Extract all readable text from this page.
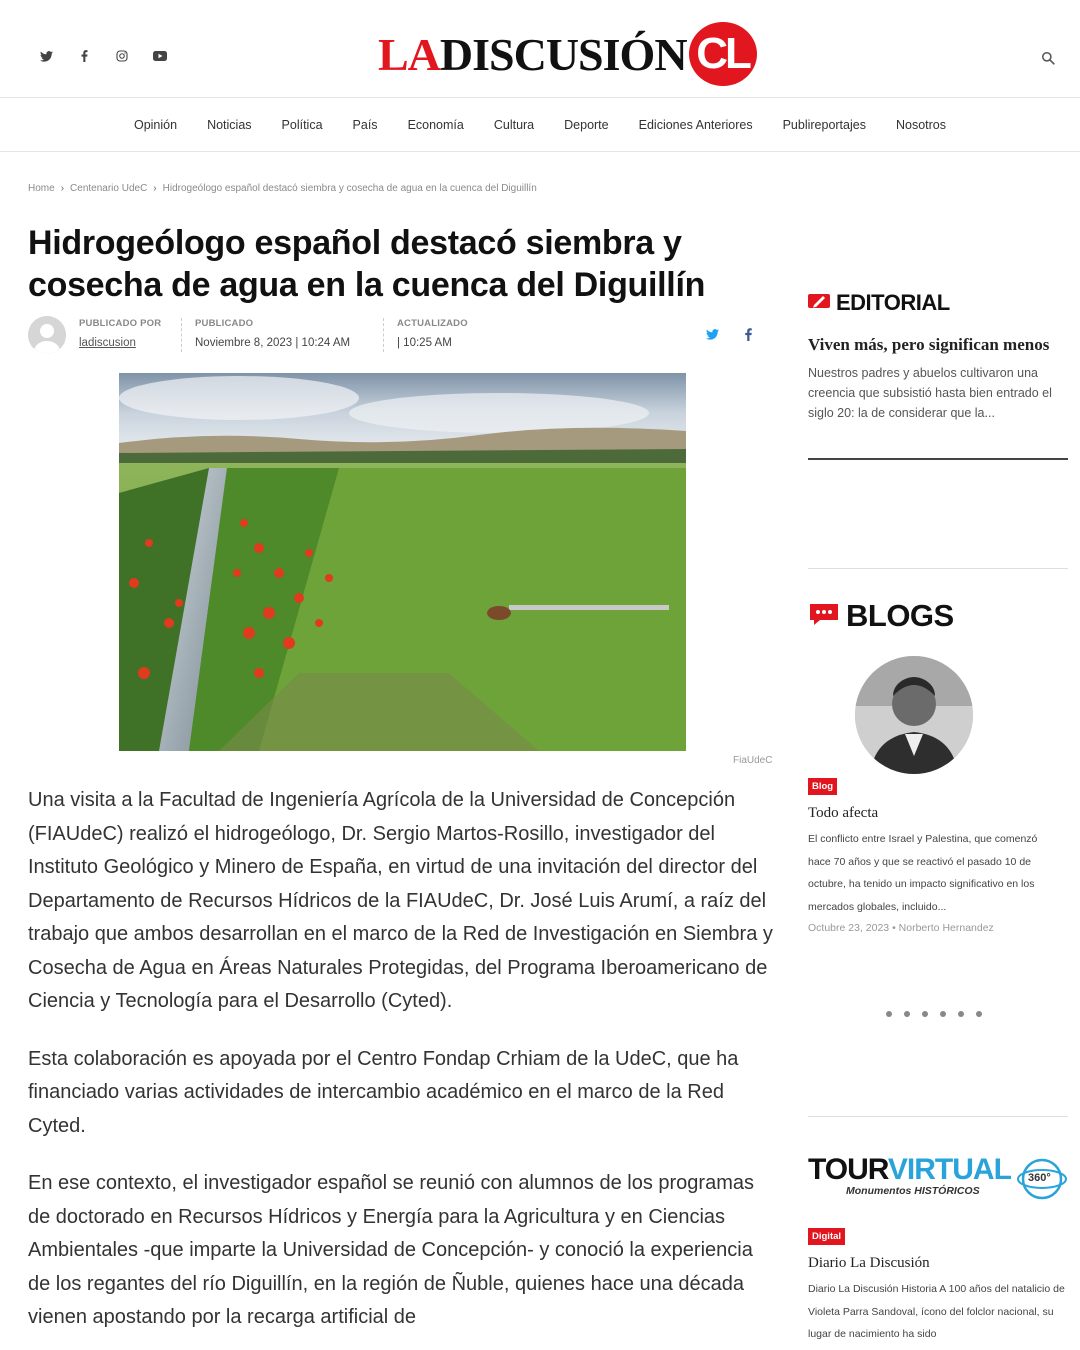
LADISCUSIÓN CL
Opinión Noticias Política País Economía Cultura Deporte Ediciones Anteriores Publireportajes Nosotros
Home › Centenario UdeC › Hidrogeólogo español destacó siembra y cosecha de agua en la cuenca del Diguillín
Hidrogeólogo español destacó siembra y cosecha de agua en la cuenca del Diguillín
PUBLICADO POR
ladiscusion
PUBLICADO
Noviembre 8, 2023 | 10:24 AM
ACTUALIZADO
| 10:25 AM
FiaUdeC

Una visita a la Facultad de Ingeniería Agrícola de la Universidad de Concepción (FIAUdeC) realizó el hidrogeólogo, Dr. Sergio Martos-Rosillo, investigador del Instituto Geológico y Minero de España, en virtud de una invitación del director del Departamento de Recursos Hídricos de la FIAUdeC, Dr. José Luis Arumí, a raíz del trabajo que ambos desarrollan en el marco de la Red de Investigación en Siembra y Cosecha de Agua en Áreas Naturales Protegidas, del Programa Iberoamericano de Ciencia y Tecnología para el Desarrollo (Cyted).

Esta colaboración es apoyada por el Centro Fondap Crhiam de la UdeC, que ha financiado varias actividades de intercambio académico en el marco de la Red Cyted.

En ese contexto, el investigador español se reunió con alumnos de los programas de doctorado en Recursos Hídricos y Energía para la Agricultura y en Ciencias Ambientales -que imparte la Universidad de Concepción- y conoció la experiencia de los regantes del río Diguillín, en la región de Ñuble, quienes hace una década vienen apostando por la recarga artificial de

EDITORIAL
Viven más, pero significan menos
Nuestros padres y abuelos cultivaron una creencia que subsistió hasta bien entrado el siglo 20: la de considerar que la...
BLOGS
Blog
Todo afecta
El conflicto entre Israel y Palestina, que comenzó hace 70 años y que se reactivó el pasado 10 de octubre, ha tenido un impacto significativo en los mercados globales, incluido...
Octubre 23, 2023 • Norberto Hernandez
TOURVIRTUAL
Monumentos HISTÓRICOS
360°
Digital
Diario La Discusión
Diario La Discusión Historia A 100 años del natalicio de Violeta Parra Sandoval, ícono del folclor nacional, su lugar de nacimiento ha sido
